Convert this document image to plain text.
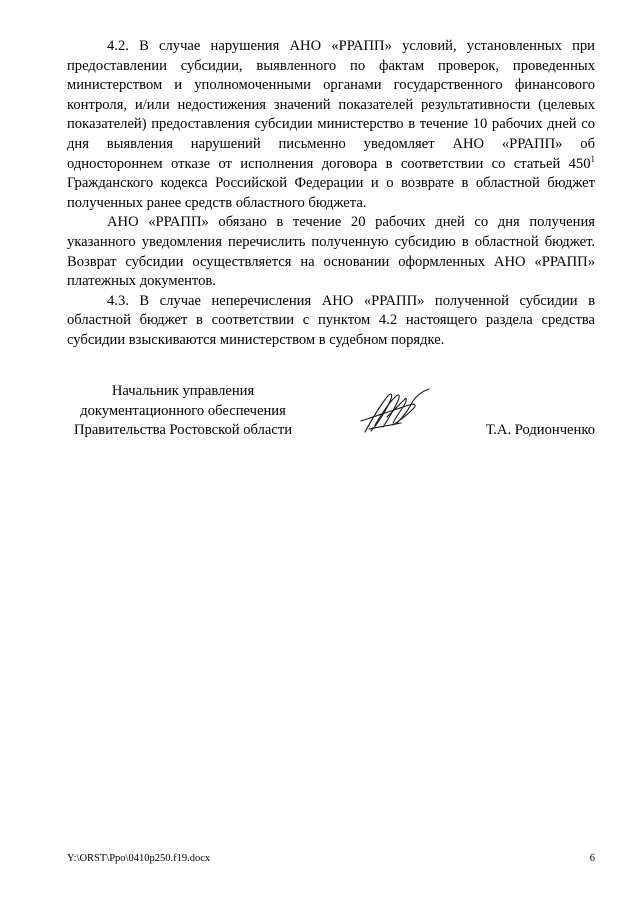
4.2. В случае нарушения АНО «РРАПП» условий, установленных при предоставлении субсидии, выявленного по фактам проверок, проведенных министерством и уполномоченными органами государственного финансового контроля, и/или недостижения значений показателей результативности (целевых показателей) предоставления субсидии министерство в течение 10 рабочих дней со дня выявления нарушений письменно уведомляет АНО «РРАПП» об одностороннем отказе от исполнения договора в соответствии со статьей $450^1$ Гражданского кодекса Российской Федерации и о возврате в областной бюджет полученных ранее средств областного бюджета.

АНО «РРАПП» обязано в течение 20 рабочих дней со дня получения указанного уведомления перечислить полученную субсидию в областной бюджет. Возврат субсидии осуществляется на основании оформленных АНО «РРАПП» платежных документов.

4.3. В случае неперечисления АНО «РРАПП» полученной субсидии в областной бюджет в соответствии с пунктом 4.2 настоящего раздела средства субсидии взыскиваются министерством в судебном порядке.

Начальник управления
документационного обеспечения
Правительства Ростовской области	Т.А. Родионченко
Y:\ORST\Ppo\0410p250.f19.docx	6
